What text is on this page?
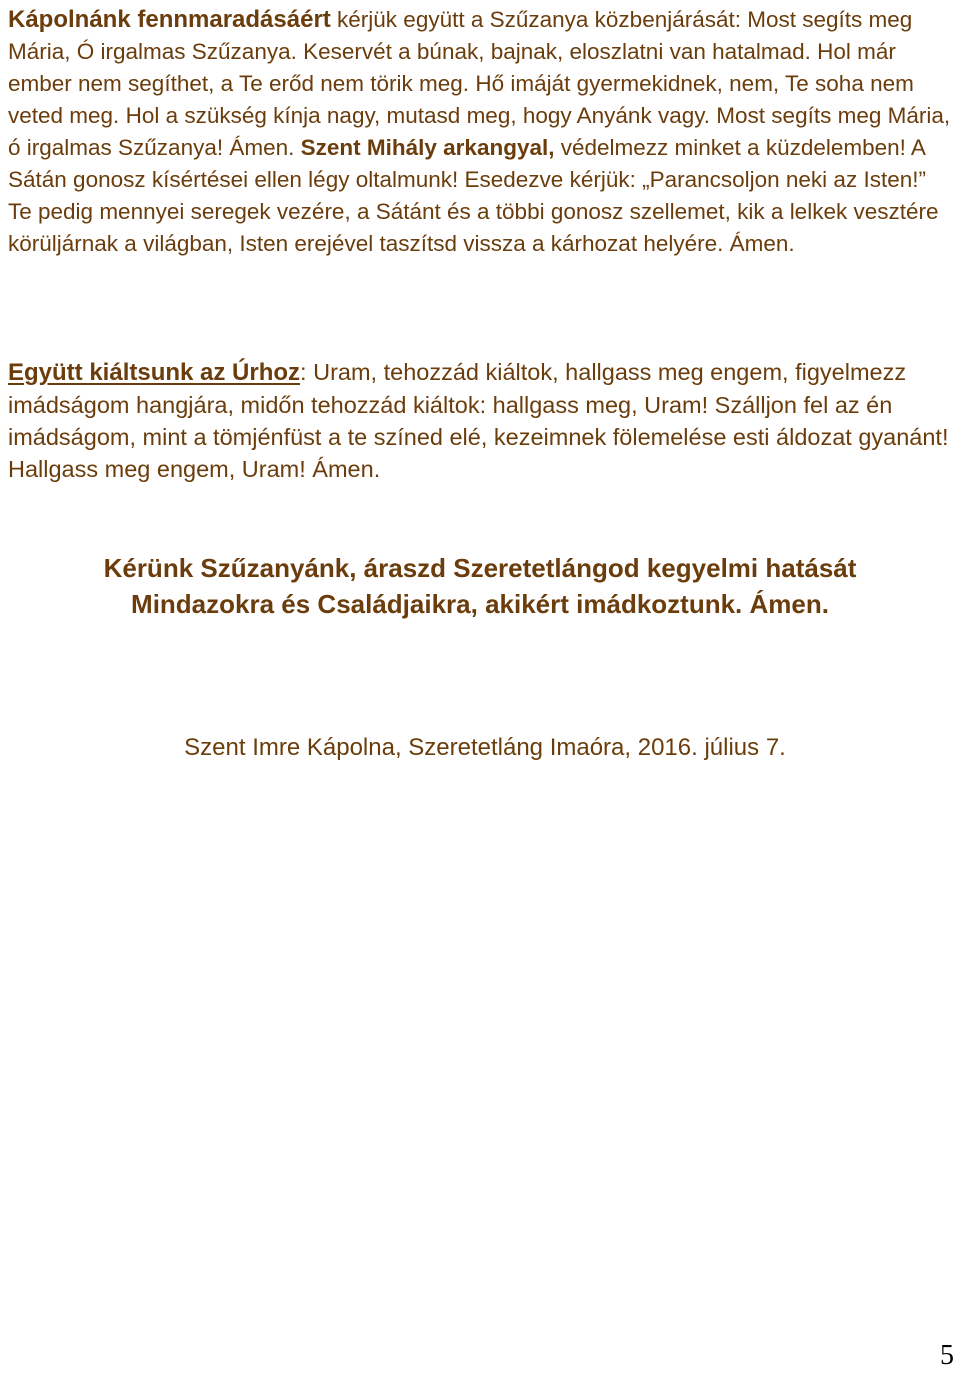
Kápolnánk fennmaradásáért kérjük együtt a Szűzanya közbenjárását: Most segíts meg Mária, Ó irgalmas Szűzanya. Keservét a búnak, bajnak, eloszlatni van hatalmad. Hol már ember nem segíthet, a Te erőd nem törik meg. Hő imáját gyermekidnek, nem, Te soha nem veted meg. Hol a szükség kínja nagy, mutasd meg, hogy Anyánk vagy. Most segíts meg Mária, ó irgalmas Szűzanya! Ámen. Szent Mihály arkangyal, védelmezz minket a küzdelemben! A Sátán gonosz kísértései ellen légy oltalmunk! Esedezve kérjük: „Parancsoljon neki az Isten!” Te pedig mennyei seregek vezére, a Sátánt és a többi gonosz szellemet, kik a lelkek vesztére körüljárnak a világban, Isten erejével taszítsd vissza a kárhozat helyére. Ámen.

Együtt kiáltsunk az Úrhoz: Uram, tehozzád kiáltok, hallgass meg engem, figyelmezz imádságom hangjára, midőn tehozzád kiáltok: hallgass meg, Uram! Szálljon fel az én imádságom, mint a tömjénfüst a te színed elé, kezeimnek fölemelése esti áldozat gyanánt! Hallgass meg engem, Uram! Ámen.

Kérünk Szűzanyánk, áraszd Szeretetlángod kegyelmi hatását
Mindazokra és Családjaikra, akikért imádkoztunk. Ámen.

Szent Imre Kápolna, Szeretetláng Imaóra, 2016. július 7.

5
